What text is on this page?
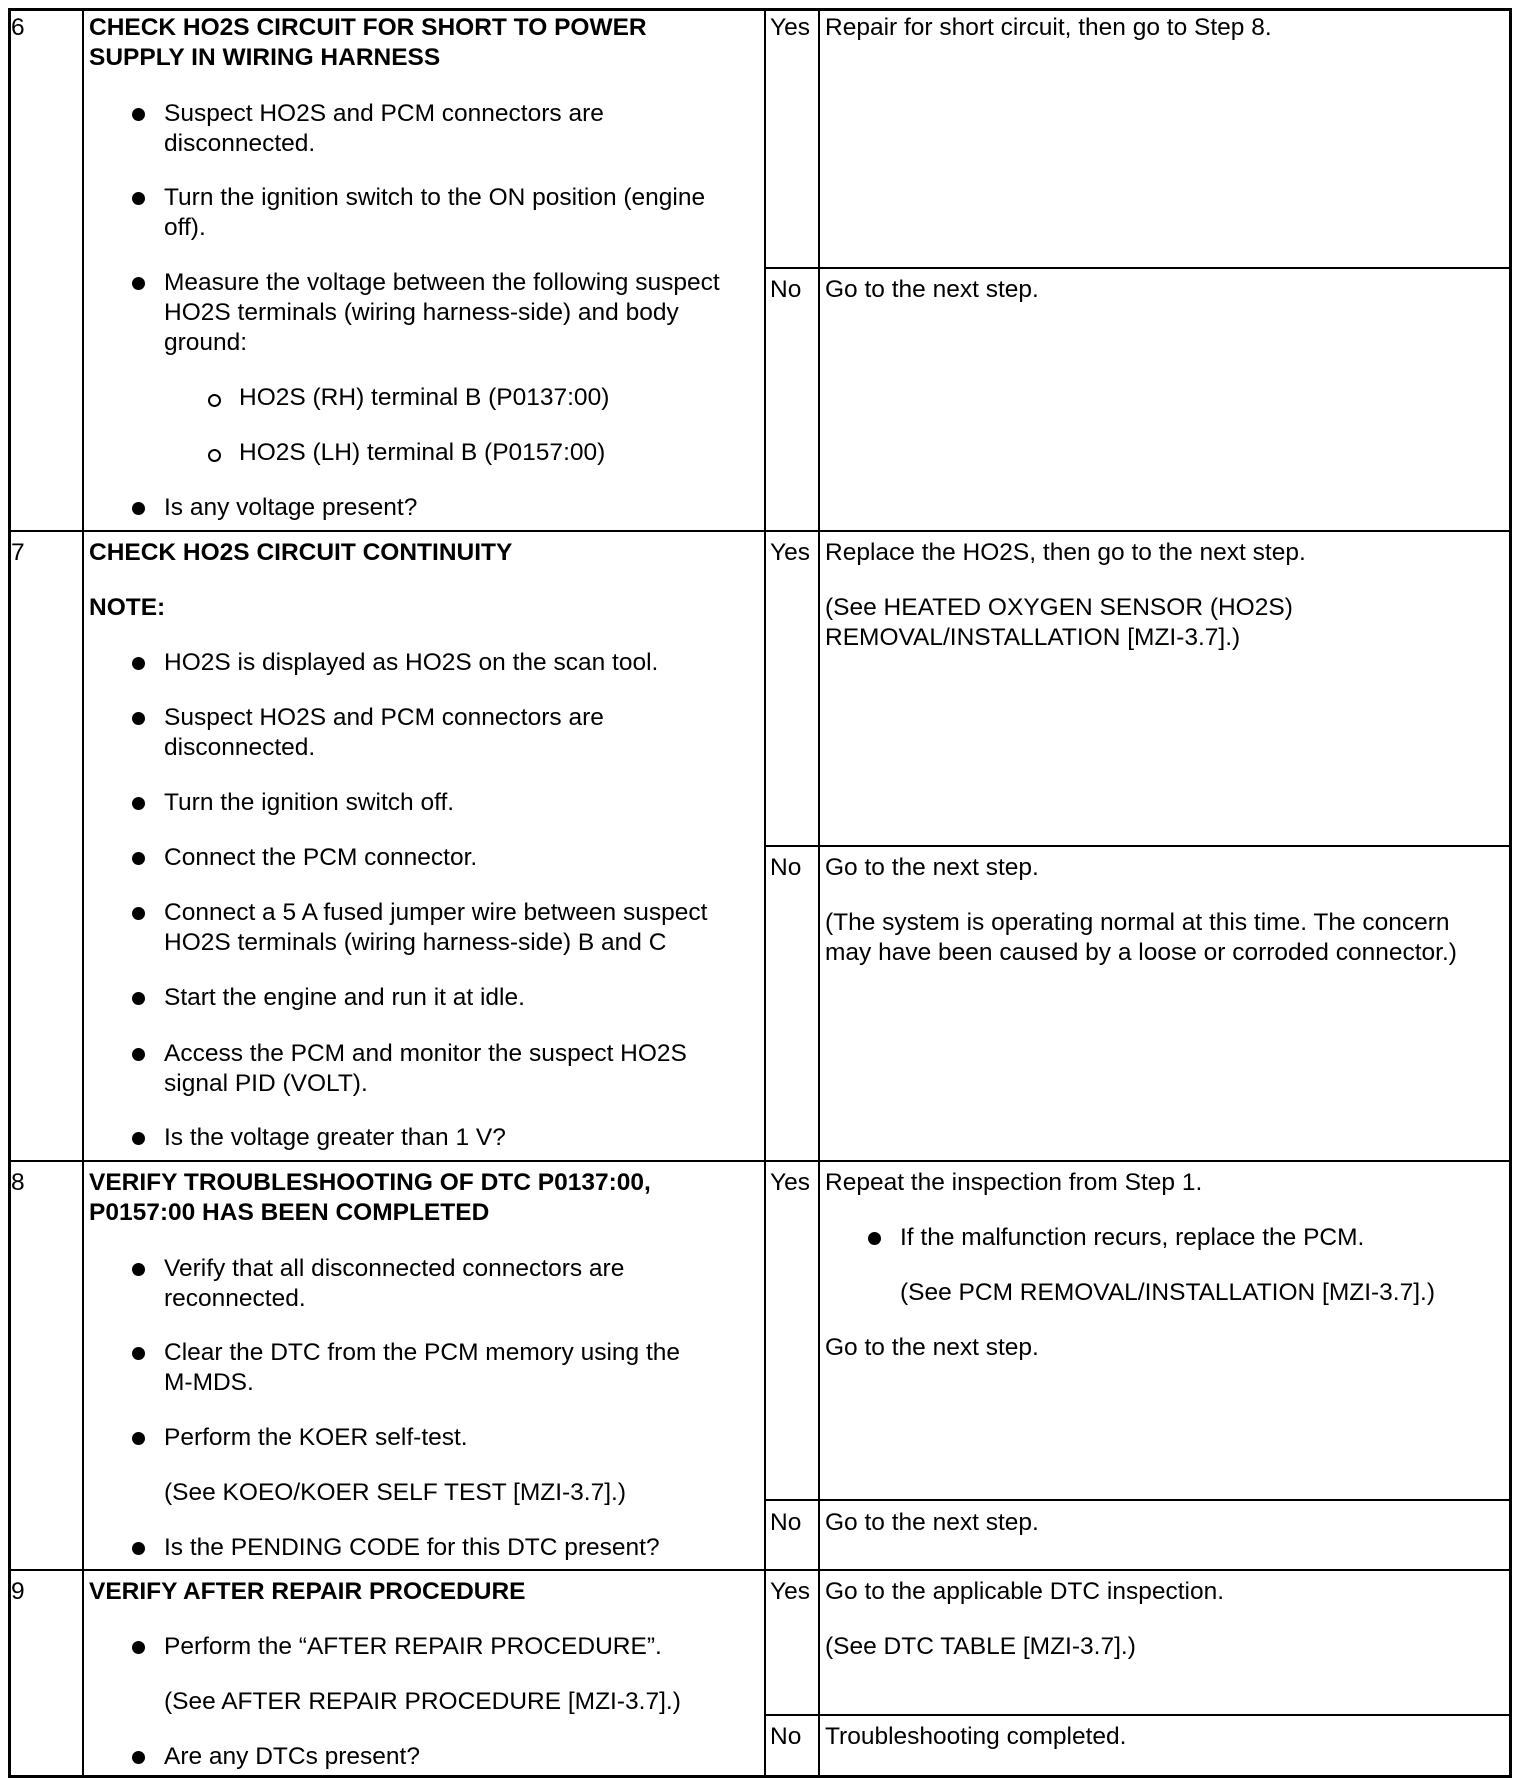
6	CHECK HO2S CIRCUIT FOR SHORT TO POWER
SUPPLY IN WIRING HARNESS
Suspect HO2S and PCM connectors are
disconnected.
Turn the ignition switch to the ON position (engine
off).
Measure the voltage between the following suspect
HO2S terminals (wiring harness-side) and body
ground:
HO2S (RH) terminal B (P0137:00)
HO2S (LH) terminal B (P0157:00)
Is any voltage present?
Yes Repair for short circuit, then go to Step 8.
No Go to the next step.
7	CHECK HO2S CIRCUIT CONTINUITY
NOTE:
HO2S is displayed as HO2S on the scan tool.
Suspect HO2S and PCM connectors are
disconnected.
Turn the ignition switch off.
Connect the PCM connector.
Connect a 5 A fused jumper wire between suspect
HO2S terminals (wiring harness-side) B and C
Start the engine and run it at idle.
Access the PCM and monitor the suspect HO2S
signal PID (VOLT).
Is the voltage greater than 1 V?
Yes Replace the HO2S, then go to the next step.
(See HEATED OXYGEN SENSOR (HO2S)
REMOVAL/INSTALLATION [MZI-3.7].)
No Go to the next step.
(The system is operating normal at this time. The concern
may have been caused by a loose or corroded connector.)
8	VERIFY TROUBLESHOOTING OF DTC P0137:00,
P0157:00 HAS BEEN COMPLETED
Verify that all disconnected connectors are
reconnected.
Clear the DTC from the PCM memory using the
M-MDS.
Perform the KOER self-test.
(See KOEO/KOER SELF TEST [MZI-3.7].)
Is the PENDING CODE for this DTC present?
Yes Repeat the inspection from Step 1.
If the malfunction recurs, replace the PCM.
(See PCM REMOVAL/INSTALLATION [MZI-3.7].)
Go to the next step.
No Go to the next step.
9	VERIFY AFTER REPAIR PROCEDURE
Perform the “AFTER REPAIR PROCEDURE”.
(See AFTER REPAIR PROCEDURE [MZI-3.7].)
Are any DTCs present?
Yes Go to the applicable DTC inspection.
(See DTC TABLE [MZI-3.7].)
No Troubleshooting completed.
